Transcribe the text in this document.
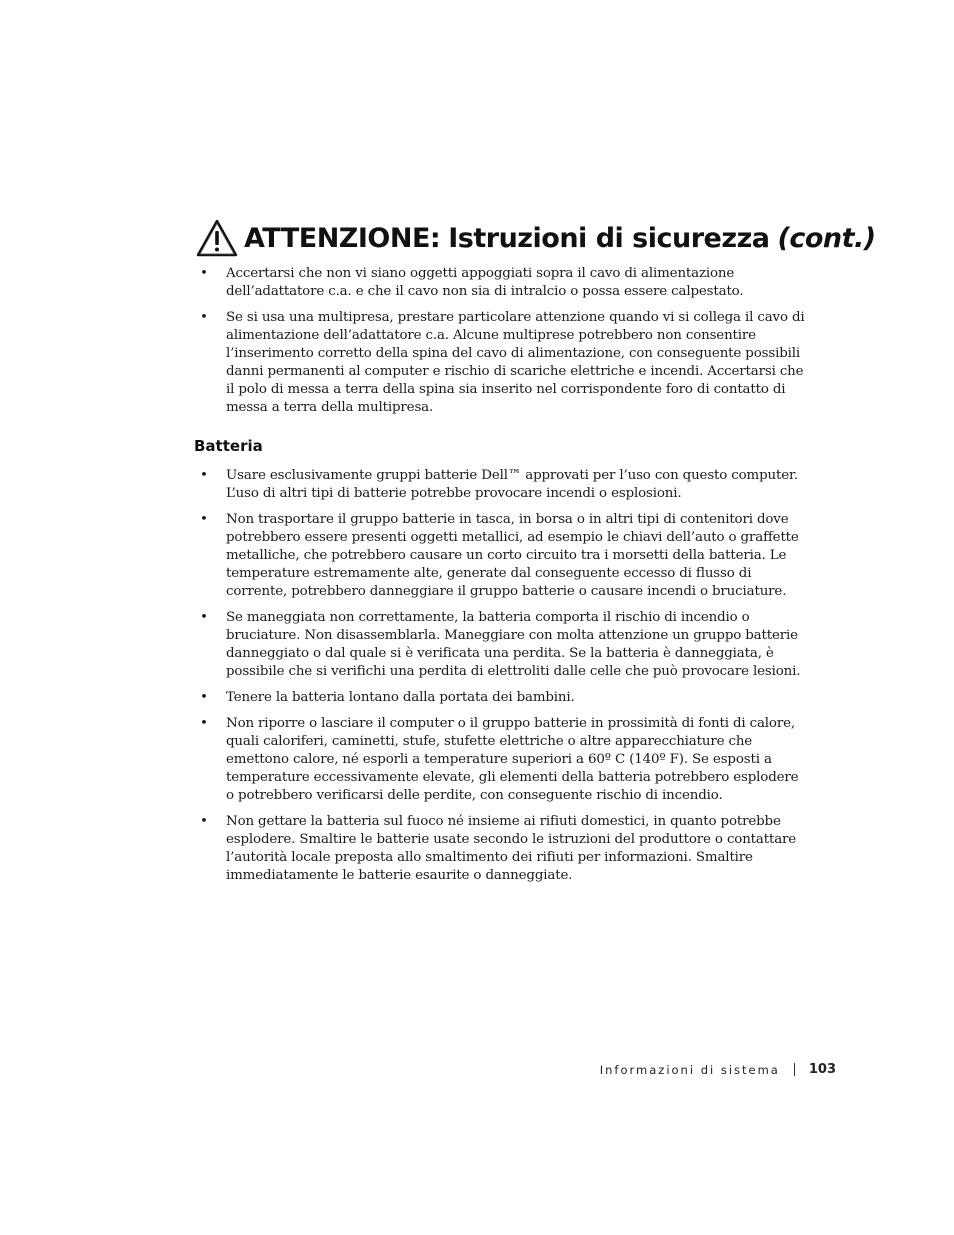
ATTENZIONE: Istruzioni di sicurezza (cont.)
• Accertarsi che non vi siano oggetti appoggiati sopra il cavo di alimentazione dell’adattatore c.a. e che il cavo non sia di intralcio o possa essere calpestato.
• Se si usa una multipresa, prestare particolare attenzione quando vi si collega il cavo di alimentazione dell’adattatore c.a. Alcune multiprese potrebbero non consentire l’inserimento corretto della spina del cavo di alimentazione, con conseguente possibili danni permanenti al computer e rischio di scariche elettriche e incendi. Accertarsi che il polo di messa a terra della spina sia inserito nel corrispondente foro di contatto di messa a terra della multipresa.
Batteria
• Usare esclusivamente gruppi batterie Dell™ approvati per l’uso con questo computer. L’uso di altri tipi di batterie potrebbe provocare incendi o esplosioni.
• Non trasportare il gruppo batterie in tasca, in borsa o in altri tipi di contenitori dove potrebbero essere presenti oggetti metallici, ad esempio le chiavi dell’auto o graffette metalliche, che potrebbero causare un corto circuito tra i morsetti della batteria. Le temperature estremamente alte, generate dal conseguente eccesso di flusso di corrente, potrebbero danneggiare il gruppo batterie o causare incendi o bruciature.
• Se maneggiata non correttamente, la batteria comporta il rischio di incendio o bruciature. Non disassemblarla. Maneggiare con molta attenzione un gruppo batterie danneggiato o dal quale si è verificata una perdita. Se la batteria è danneggiata, è possibile che si verifichi una perdita di elettroliti dalle celle che può provocare lesioni.
• Tenere la batteria lontano dalla portata dei bambini.
• Non riporre o lasciare il computer o il gruppo batterie in prossimità di fonti di calore, quali caloriferi, caminetti, stufe, stufette elettriche o altre apparecchiature che emettono calore, né esporli a temperature superiori a 60º C (140º F). Se esposti a temperature eccessivamente elevate, gli elementi della batteria potrebbero esplodere o potrebbero verificarsi delle perdite, con conseguente rischio di incendio.
• Non gettare la batteria sul fuoco né insieme ai rifiuti domestici, in quanto potrebbe esplodere. Smaltire le batterie usate secondo le istruzioni del produttore o contattare l’autorità locale preposta allo smaltimento dei rifiuti per informazioni. Smaltire immediatamente le batterie esaurite o danneggiate.
Informazioni di sistema 103
